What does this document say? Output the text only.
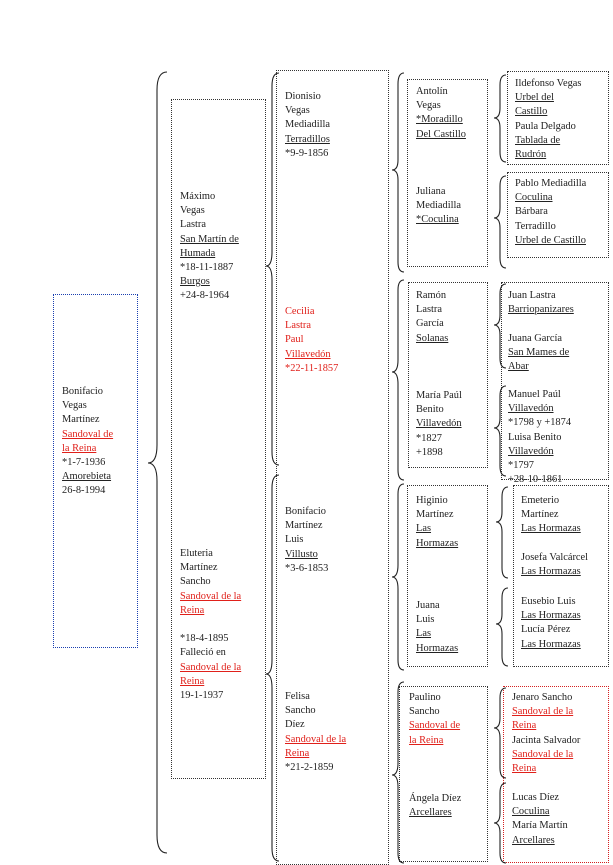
Bonifacio
Vegas
Martínez
Sandoval de
la Reina
*1-7-1936
Amorebieta
26-8-1994
Máximo
Vegas
Lastra
San Martín de
Humada
*18-11-1887
Burgos
+24-8-1964
Eluteria
Martínez
Sancho
Sandoval de la
Reina
*18-4-1895
Falleció en
Sandoval de la
Reina
19-1-1937
Dionisio
Vegas
Mediadilla
Terradillos
*9-9-1856
Cecilia
Lastra
Paul
Villavedón
*22-11-1857
Bonifacio
Martínez
Luis
Villusto
*3-6-1853
Felisa
Sancho
Díez
Sandoval de la
Reina
*21-2-1859
Antolín
Vegas
*Moradillo
Del Castillo
Juliana
Mediadilla
*Coculina
Ramón
Lastra
García
Solanas
María Paúl
Benito
Villavedón
*1827
+1898
Higinio
Martínez
Las
Hormazas
Juana
Luis
Las
Hormazas
Paulino
Sancho
Sandoval de
la Reina
Ángela Díez
Arcellares
Ildefonso Vegas
Urbel del
Castillo
Paula Delgado
Tablada de
Rudrón
Pablo Mediadilla
Coculina
Bárbara
Terradillo
Urbel de Castillo
Juan Lastra
Barriopanizares
Juana García
San Mames de
Abar
Manuel Paúl
Villavedón
*1798 y +1874
Luisa Benito
Villavedón
*1797
+28-10-1861
Emeterio
Martínez
Las Hormazas
Josefa Valcárcel
Las Hormazas
Eusebio Luis
Las Hormazas
Lucía Pérez
Las Hormazas
Jenaro Sancho
Sandoval de la
Reina
Jacinta Salvador
Sandoval de la
Reina
Lucas Díez
Coculina
María Martín
Arcellares
